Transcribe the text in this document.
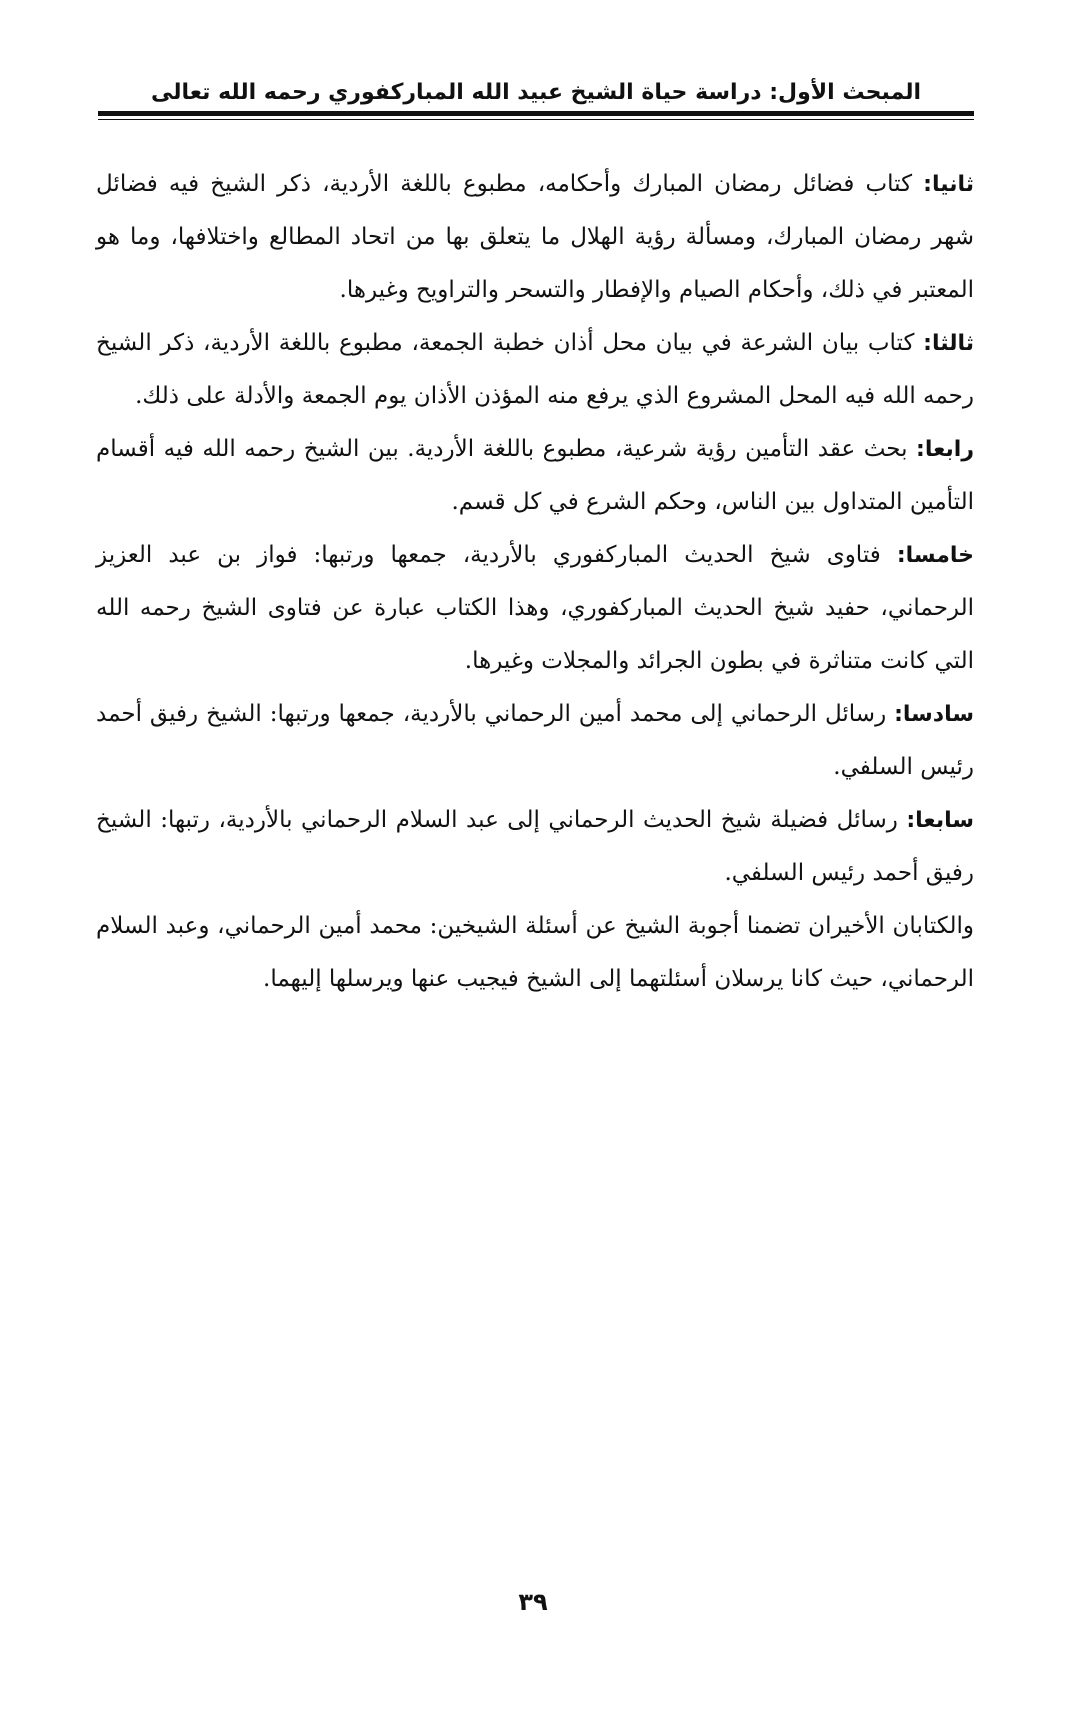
المبحث الأول: دراسة حياة الشيخ عبيد الله المباركفوري رحمه الله تعالى

ثانيا: كتاب فضائل رمضان المبارك وأحكامه، مطبوع باللغة الأردية، ذكر الشيخ فيه فضائل شهر رمضان المبارك، ومسألة رؤية الهلال ما يتعلق بها من اتحاد المطالع واختلافها، وما هو المعتبر في ذلك، وأحكام الصيام والإفطار والتسحر والتراويح وغيرها.

ثالثا: كتاب بيان الشرعة في بيان محل أذان خطبة الجمعة، مطبوع باللغة الأردية، ذكر الشيخ رحمه الله فيه المحل المشروع الذي يرفع منه المؤذن الأذان يوم الجمعة والأدلة على ذلك.

رابعا: بحث عقد التأمين رؤية شرعية، مطبوع باللغة الأردية. بين الشيخ رحمه الله فيه أقسام التأمين المتداول بين الناس، وحكم الشرع في كل قسم.

خامسا: فتاوى شيخ الحديث المباركفوري بالأردية، جمعها ورتبها: فواز بن عبد العزيز الرحماني، حفيد شيخ الحديث المباركفوري، وهذا الكتاب عبارة عن فتاوى الشيخ رحمه الله التي كانت متناثرة في بطون الجرائد والمجلات وغيرها.

سادسا: رسائل الرحماني إلى محمد أمين الرحماني بالأردية، جمعها ورتبها: الشيخ رفيق أحمد رئيس السلفي.

سابعا: رسائل فضيلة شيخ الحديث الرحماني إلى عبد السلام الرحماني بالأردية، رتبها: الشيخ رفيق أحمد رئيس السلفي.

والكتابان الأخيران تضمنا أجوبة الشيخ عن أسئلة الشيخين: محمد أمين الرحماني، وعبد السلام الرحماني، حيث كانا يرسلان أسئلتهما إلى الشيخ فيجيب عنها ويرسلها إليهما.

٣٩
